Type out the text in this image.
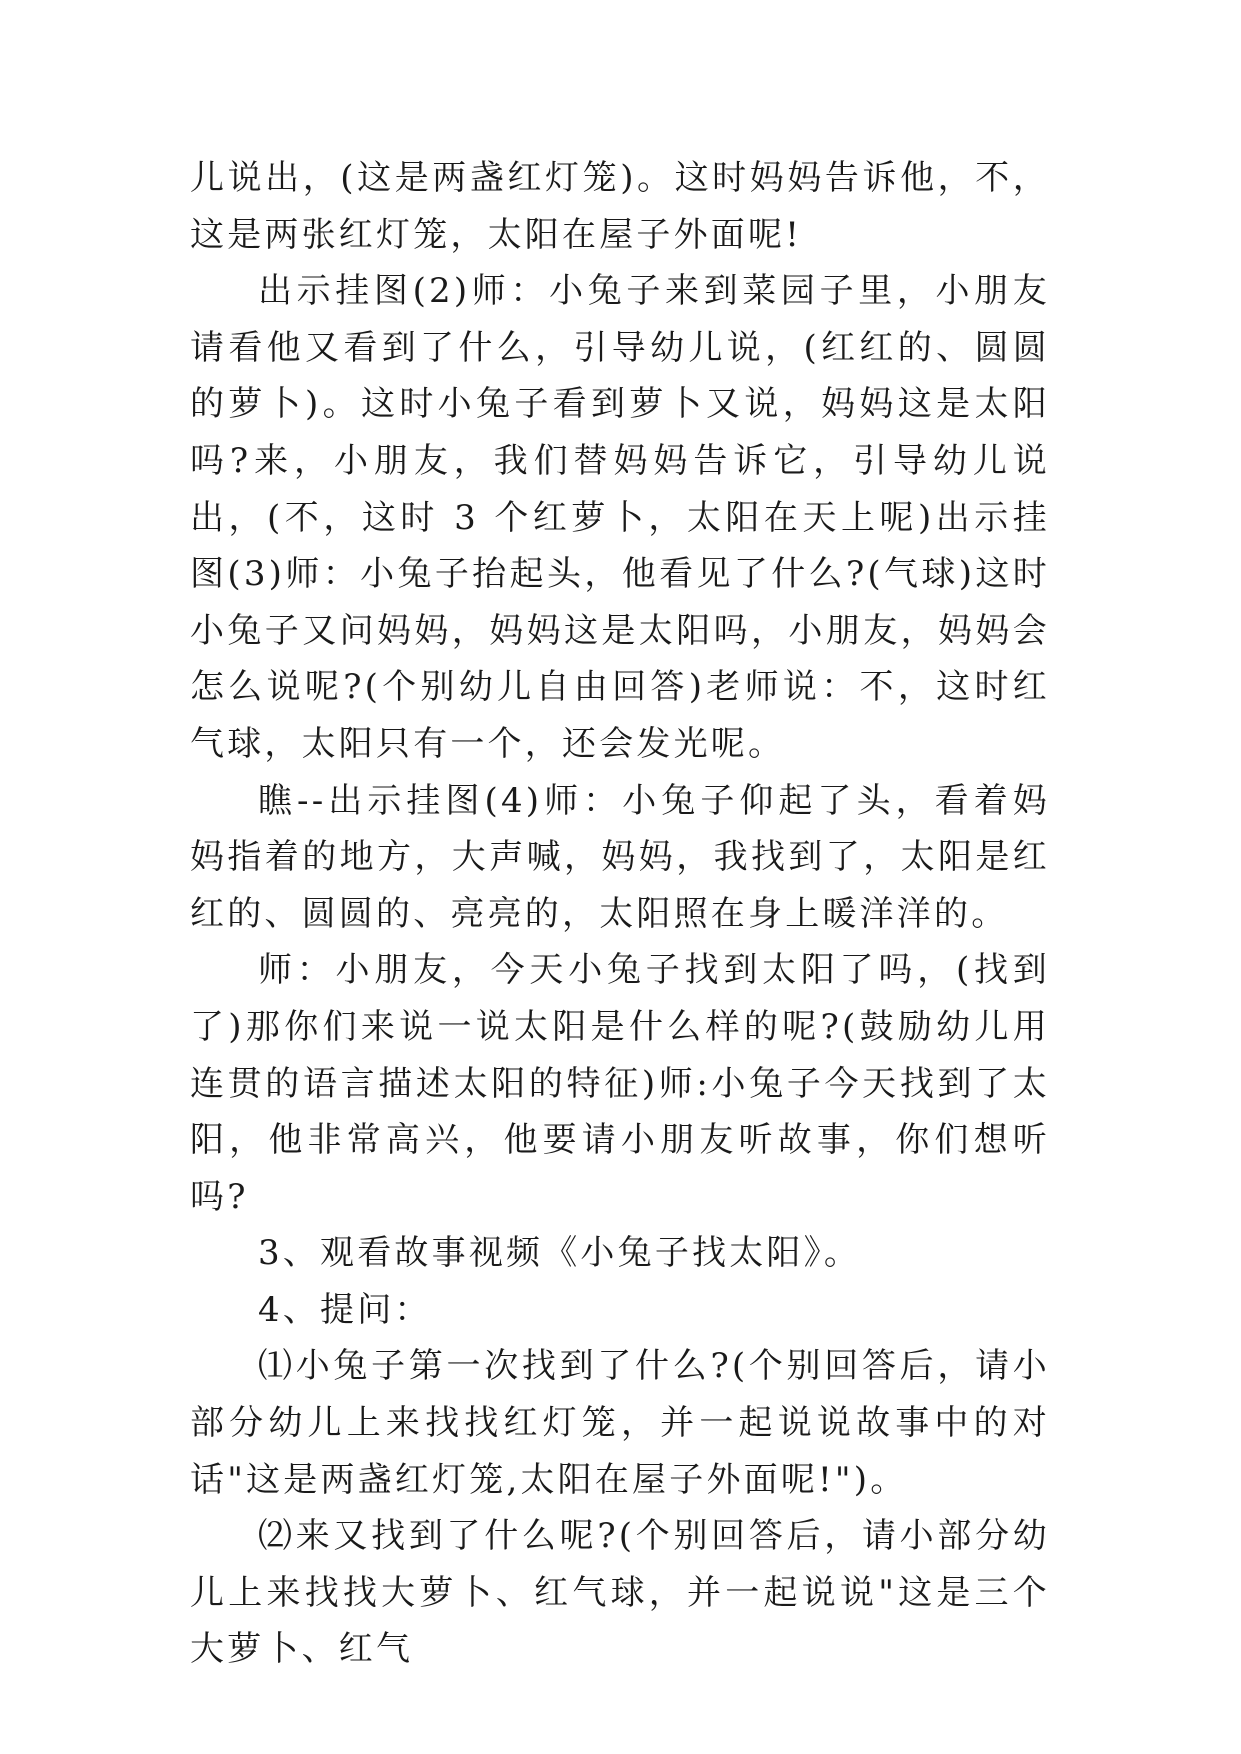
儿说出，(这是两盏红灯笼)。这时妈妈告诉他，不，这是两张红灯笼，太阳在屋子外面呢!

出示挂图(2)师：小兔子来到菜园子里，小朋友请看他又看到了什么，引导幼儿说，(红红的、圆圆的萝卜)。这时小兔子看到萝卜又说，妈妈这是太阳吗?来，小朋友，我们替妈妈告诉它，引导幼儿说出，(不，这时 3 个红萝卜，太阳在天上呢)出示挂图(3)师：小兔子抬起头，他看见了什么?(气球)这时小兔子又问妈妈，妈妈这是太阳吗，小朋友，妈妈会怎么说呢?(个别幼儿自由回答)老师说：不，这时红气球，太阳只有一个，还会发光呢。

瞧--出示挂图(4)师：小兔子仰起了头，看着妈妈指着的地方，大声喊，妈妈，我找到了，太阳是红红的、圆圆的、亮亮的，太阳照在身上暖洋洋的。

师：小朋友，今天小兔子找到太阳了吗，(找到了)那你们来说一说太阳是什么样的呢?(鼓励幼儿用连贯的语言描述太阳的特征)师:小兔子今天找到了太阳，他非常高兴，他要请小朋友听故事，你们想听吗?

3、观看故事视频《小兔子找太阳》。

4、提问：

⑴小兔子第一次找到了什么?(个别回答后，请小部分幼儿上来找找红灯笼，并一起说说故事中的对话"这是两盏红灯笼,太阳在屋子外面呢!")。

⑵来又找到了什么呢?(个别回答后，请小部分幼儿上来找找大萝卜、红气球，并一起说说"这是三个大萝卜、红气
